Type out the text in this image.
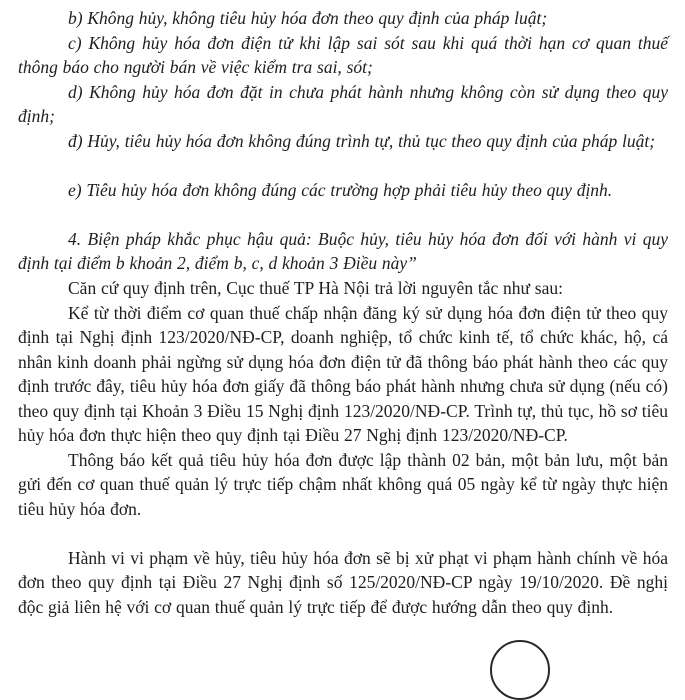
b) Không hủy, không tiêu hủy hóa đơn theo quy định của pháp luật;

c) Không hủy hóa đơn điện tử khi lập sai sót sau khi quá thời hạn cơ quan thuế thông báo cho người bán về việc kiểm tra sai, sót;

d) Không hủy hóa đơn đặt in chưa phát hành nhưng không còn sử dụng theo quy định;

đ) Hủy, tiêu hủy hóa đơn không đúng trình tự, thủ tục theo quy định của pháp luật;

e) Tiêu hủy hóa đơn không đúng các trường hợp phải tiêu hủy theo quy định.

4. Biện pháp khắc phục hậu quả: Buộc hủy, tiêu hủy hóa đơn đối với hành vi quy định tại điểm b khoản 2, điểm b, c, d khoản 3 Điều này”

Căn cứ quy định trên, Cục thuế TP Hà Nội trả lời nguyên tắc như sau:

Kể từ thời điểm cơ quan thuế chấp nhận đăng ký sử dụng hóa đơn điện tử theo quy định tại Nghị định 123/2020/NĐ-CP, doanh nghiệp, tổ chức kinh tế, tổ chức khác, hộ, cá nhân kinh doanh phải ngừng sử dụng hóa đơn điện tử đã thông báo phát hành theo các quy định trước đây, tiêu hủy hóa đơn giấy đã thông báo phát hành nhưng chưa sử dụng (nếu có) theo quy định tại Khoản 3 Điều 15 Nghị định 123/2020/NĐ-CP. Trình tự, thủ tục, hồ sơ tiêu hủy hóa đơn thực hiện theo quy định tại Điều 27 Nghị định 123/2020/NĐ-CP.

Thông báo kết quả tiêu hủy hóa đơn được lập thành 02 bản, một bản lưu, một bản gửi đến cơ quan thuế quản lý trực tiếp chậm nhất không quá 05 ngày kể từ ngày thực hiện tiêu hủy hóa đơn.

Hành vi vi phạm về hủy, tiêu hủy hóa đơn sẽ bị xử phạt vi phạm hành chính về hóa đơn theo quy định tại Điều 27 Nghị định số 125/2020/NĐ-CP ngày 19/10/2020. Đề nghị độc giả liên hệ với cơ quan thuế quản lý trực tiếp để được hướng dẫn theo quy định.
